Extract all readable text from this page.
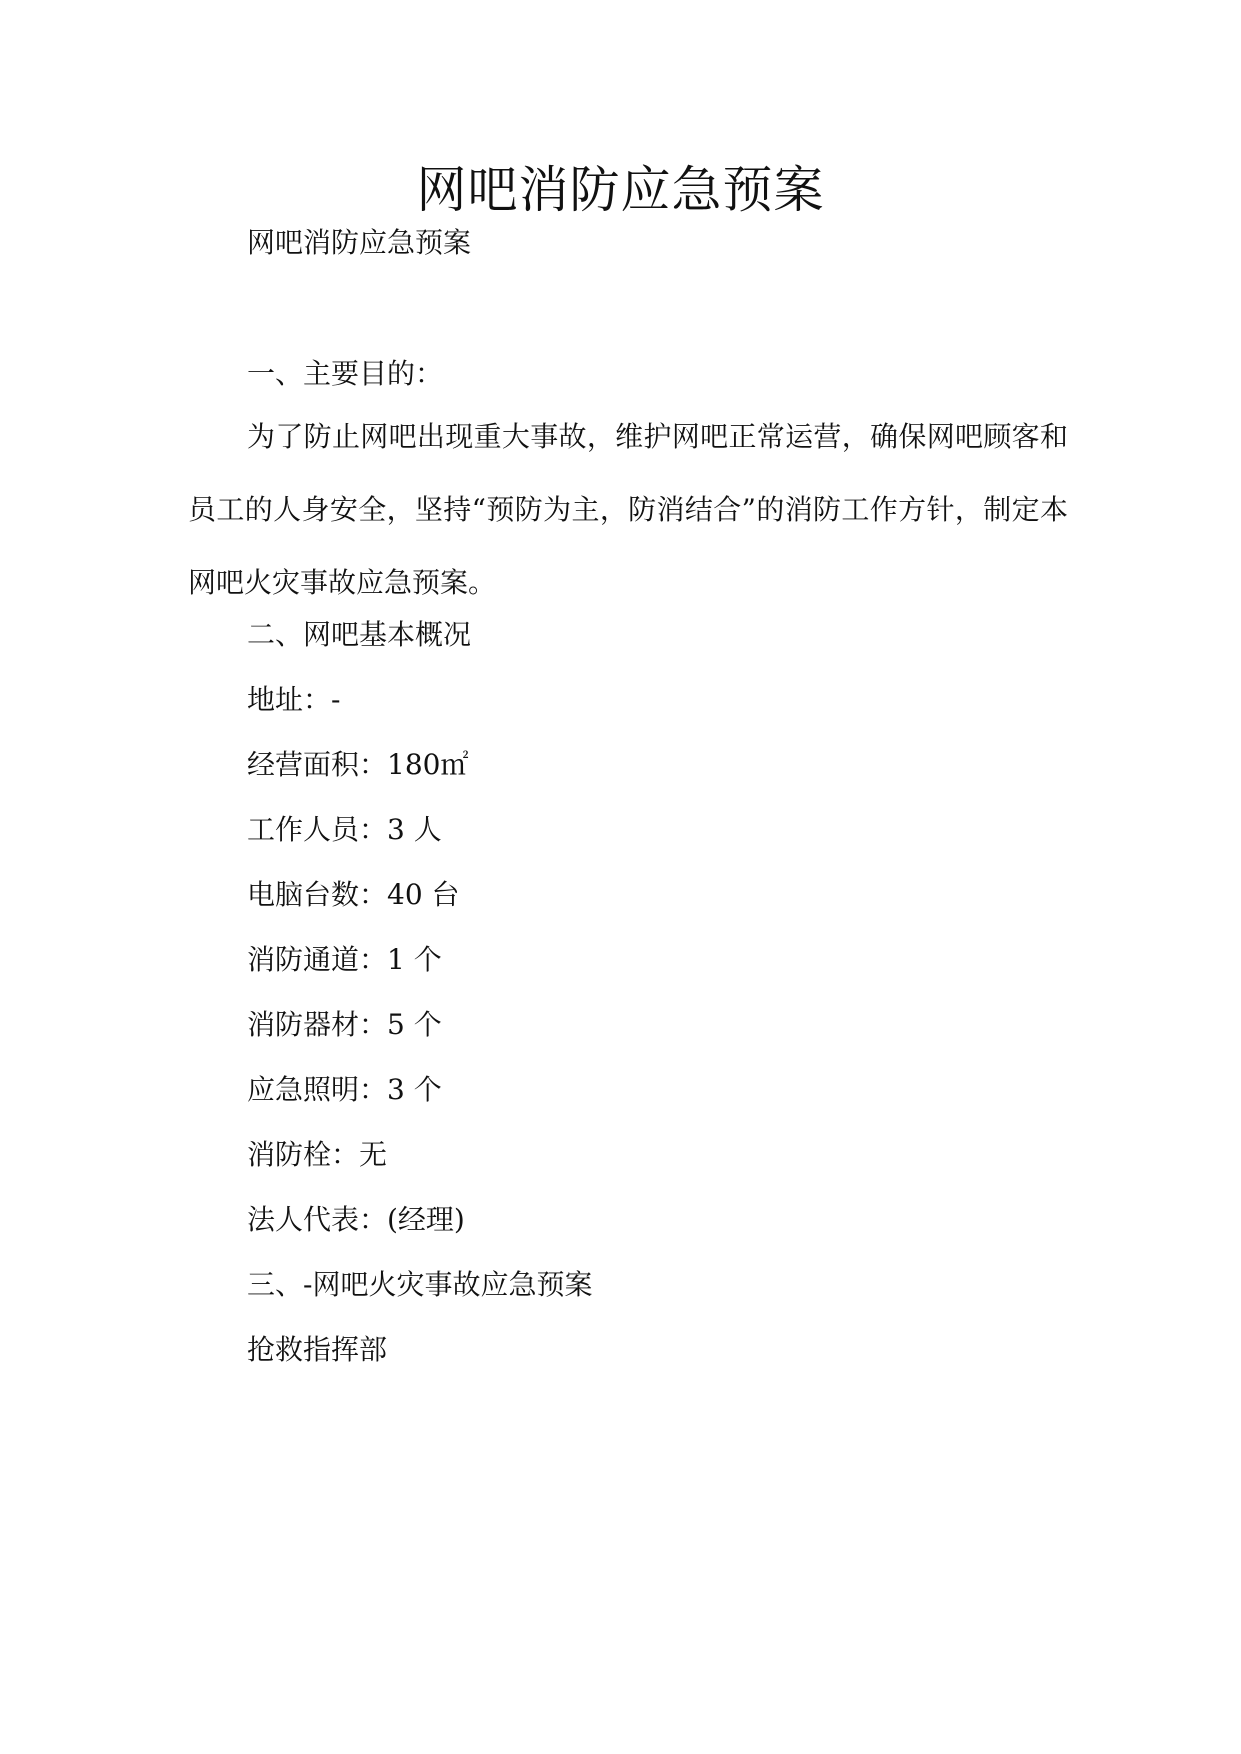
网吧消防应急预案

网吧消防应急预案

一、主要目的：

为了防止网吧出现重大事故，维护网吧正常运营，确保网吧顾客和员工的人身安全，坚持“预防为主，防消结合”的消防工作方针，制定本网吧火灾事故应急预案。

二、网吧基本概况

地址：-

经营面积：180㎡

工作人员：3 人

电脑台数：40 台

消防通道：1 个

消防器材：5 个

应急照明：3 个

消防栓：无

法人代表：(经理)

三、-网吧火灾事故应急预案

抢救指挥部
